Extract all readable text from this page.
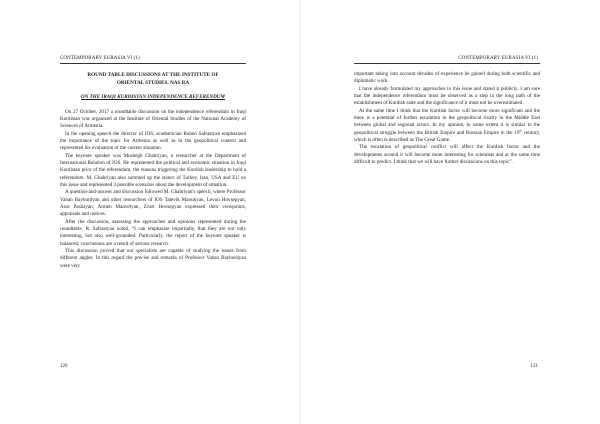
CONTEMPORARY EURASIA VI (1)
ROUND TABLE DISCUSSIONS AT THE INSTITUTE OF ORIENTAL STUDIES, NAS RA
ON THE IRAQI KURDISTAN INDEPENDENCE REFERENDUM

On 27 October, 2017 a roundtable discussion on the independence referendum in Iraqi Kurdistan was organized at the Institute of Oriental Studies of the National Academy of Sciences of Armenia.

In the opening speech the director of IOS, academician Ruben Safrastyan emphasized the importance of the topic for Armenia as well as in the geopolitical context and represented his evaluation of the current situation.

The keynote speaker was Mushegh Ghahriyan, a researcher at the Department of International Relation of IOS. He represented the political and economic situation in Iraqi Kurdistan prior of the referendum, the reasons triggering the Kurdish leadership to hold a referendum. M. Ghahriyan also summed up the stance of Turkey, Iran, USA and EU on this issue and represented 3 possible scenarios about the development of situation.

A question-and-answer and discussion followed M. Ghahriyan's speech, where Professor Vahan Bayburdyan and other researchers of IOS Tatevik Manukyan, Levon Hovsepyan, Aras Pashayan, Armen Manvelyan, Zvart Hovsepyan expressed their viewpoints, appraisals and notices.

After the discussion, assessing the approaches and opinions represented during the roundtable, R. Safrastyan noted, “I can emphasize impartially, that they are not only interesting, but also well-grounded. Particularly, the report of the keynote speaker is balanced, conclusions are a result of serious research.

This discussion proved that our specialists are capable of studying the issues from different angles. In this regard the precise and remarks of Professor Vahan Bayburdyan were very

120
CONTEMPORARY EURASIA VI (1)

important taking into account decades of experience he gained during both scientific and diplomatic work.

I have already formulated my approaches to this issue and stated it publicly. I am sure that the independence referendum must be observed as a step in the long path of the establishment of Kurdish state and the significance of it must not be overestimated.

At the same time I think that the Kurdish factor will become more significant and the there is a potential of further escalation in the geopolitical rivalry in the Middle East between global and regional actors. In my opinion, to some extent it is similar to the geopolitical struggle between the British Empire and Russian Empire in the 19th century, which is often is described as The Great Game.

The escalation of geopolitical conflict will affect the Kurdish factor and the developments around it will become more interesting for scientists and at the same time difficult to predict. I think that we will have further discussions on this topic”.

121
